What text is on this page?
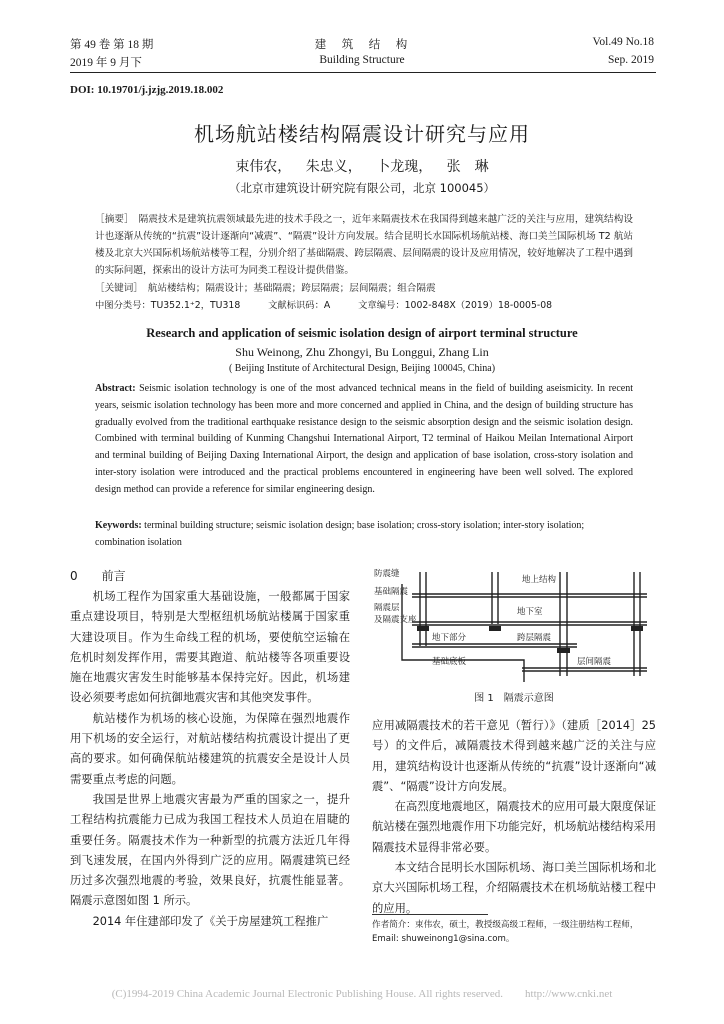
第 49 卷 第 18 期
2019 年 9 月下
建　筑　结　构
Building Structure
Vol.49 No.18
Sep. 2019
DOI: 10.19701/j.jzjg.2019.18.002
机场航站楼结构隔震设计研究与应用
束伟农， 朱忠义， 卜龙瑰， 张　琳
（北京市建筑设计研究院有限公司，北京 100045）
［摘要］　隔震技术是建筑抗震领域最先进的技术手段之一，近年来隔震技术在我国得到越来越广泛的关注与应用，建筑结构设计也逐渐从传统的“抗震”设计逐渐向“减震”、“隔震”设计方向发展。结合昆明长水国际机场航站楼、海口美兰国际机场 T2 航站楼及北京大兴国际机场航站楼等工程，分别介绍了基础隔震、跨层隔震、层间隔震的设计及应用情况，较好地解决了工程中遇到的实际问题，探索出的设计方法可为同类工程设计提供借鉴。
［关键词］　航站楼结构；隔震设计；基础隔震；跨层隔震；层间隔震；组合隔震
中图分类号：TU352.1⁺2，TU318　　　文献标识码：A　　　文章编号：1002-848X（2019）18-0005-08
Research and application of seismic isolation design of airport terminal structure
Shu Weinong, Zhu Zhongyi, Bu Longgui, Zhang Lin
( Beijing Institute of Architectural Design, Beijing 100045, China)
Abstract: Seismic isolation technology is one of the most advanced technical means in the field of building aseismicity. In recent years, seismic isolation technology has been more and more concerned and applied in China, and the design of building structure has gradually evolved from the traditional earthquake resistance design to the seismic absorption design and the seismic isolation design. Combined with terminal building of Kunming Changshui International Airport, T2 terminal of Haikou Meilan International Airport and terminal building of Beijing Daxing International Airport, the design and application of base isolation, cross-story isolation and inter-story isolation were introduced and the practical problems encountered in engineering have been well solved. The explored design method can provide a reference for similar engineering design.
Keywords: terminal building structure; seismic isolation design; base isolation; cross-story isolation; inter-story isolation; combination isolation
0　　前言

机场工程作为国家重大基础设施，一般都属于国家重点建设项目，特别是大型枢纽机场航站楼属于国家重大建设项目。作为生命线工程的机场，要使航空运输在危机时刻发挥作用，需要其跑道、航站楼等各项重要设施在地震灾害发生时能够基本保持完好。因此，机场建设必须要考虑如何抗御地震灾害和其他突发事件。

航站楼作为机场的核心设施，为保障在强烈地震作用下机场的安全运行，对航站楼结构抗震设计提出了更高的要求。如何确保航站楼建筑的抗震安全是设计人员需要重点考虑的问题。

我国是世界上地震灾害最为严重的国家之一，提升工程结构抗震能力已成为我国工程技术人员迫在眉睫的重要任务。隔震技术作为一种新型的抗震方法近几年得到飞速发展，在国内外得到广泛的应用。隔震建筑已经历过多次强烈地震的考验，效果良好，抗震性能显著。隔震示意图如图 1 所示。

2014 年住建部印发了《关于房屋建筑工程推广

防震缝
地上结构
基础隔震
隔震层
及隔震支座
地下室
跨层隔震
地下部分
层间隔震
基础底板
图 1　隔震示意图

应用减隔震技术的若干意见（暂行）》（建质［2014］25 号）的文件后，减隔震技术得到越来越广泛的关注与应用，建筑结构设计也逐渐从传统的“抗震”设计逐渐向“减震”、“隔震”设计方向发展。

在高烈度地震地区，隔震技术的应用可最大限度保证航站楼在强烈地震作用下功能完好，机场航站楼结构采用隔震技术显得非常必要。

本文结合昆明长水国际机场、海口美兰国际机场和北京大兴国际机场工程，介绍隔震技术在机场航站楼工程中的应用。

作者简介：束伟农，硕士，教授级高级工程师，一级注册结构工程师，Email: shuweinong1@sina.com。
(C)1994-2019 China Academic Journal Electronic Publishing House. All rights reserved.　　http://www.cnki.net
